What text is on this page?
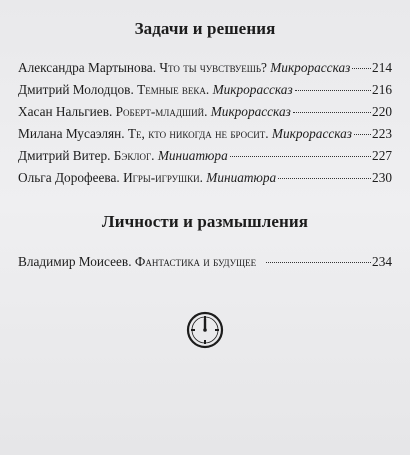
Задачи и решения
Александра Мартынова. Что ты чувствуешь? Микрорассказ 214
Дмитрий Молодцов. Темные века. Микрорассказ	216
Хасан Нальгиев. Роберт-младший. Микрорассказ	220
Милана Мусаэлян. Те, кто никогда не бросит. Микрорассказ 223
Дмитрий Витер. Бэклог. Миниатюра	227
Ольга Дорофеева. Игры-игрушки. Миниатюра	230
Личности и размышления
Владимир Моисеев. Фантастика и будущее	234
